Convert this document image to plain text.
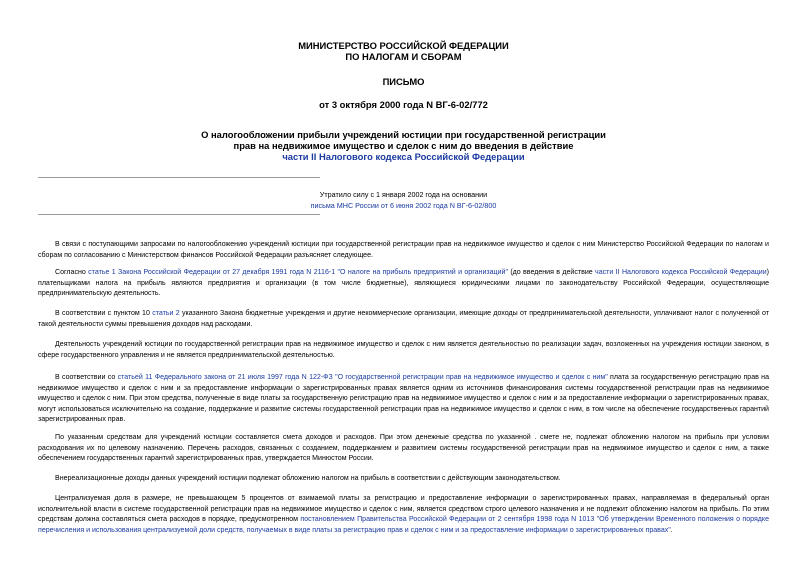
МИНИСТЕРСТВО РОССИЙСКОЙ ФЕДЕРАЦИИ
ПО НАЛОГАМ И СБОРАМ
ПИСЬМО
от 3 октября 2000 года N ВГ-6-02/772
О налогообложении прибыли учреждений юстиции при государственной регистрации
прав на недвижимое имущество и сделок с ним до введения в действие
части II Налогового кодекса Российской Федерации
Утратило силу с 1 января 2002 года на основании
письма МНС России от 6 июня 2002 года N ВГ-6-02/800

В связи с поступающими запросами по налогообложению учреждений юстиции при государственной регистрации прав на недвижимое имущество и сделок с ним Министерство Российской Федерации по налогам и сборам по согласованию с Министерством финансов Российской Федерации разъясняет следующее.

Согласно статье 1 Закона Российской Федерации от 27 декабря 1991 года N 2116-1 "О налоге на прибыль предприятий и организаций" (до введения в действие части II Налогового кодекса Российской Федерации) плательщиками налога на прибыль являются предприятия и организации (в том числе бюджетные), являющиеся юридическими лицами по законодательству Российской Федерации, осуществляющие предпринимательскую деятельность.

В соответствии с пунктом 10 статьи 2 указанного Закона бюджетные учреждения и другие некоммерческие организации, имеющие доходы от предпринимательской деятельности, уплачивают налог с полученной от такой деятельности суммы превышения доходов над расходами.

Деятельность учреждений юстиции по государственной регистрации прав на недвижимое имущество и сделок с ним является деятельностью по реализации задач, возложенных на учреждения юстиции законом, в сфере государственного управления и не является предпринимательской деятельностью.

В соответствии со статьей 11 Федерального закона от 21 июля 1997 года N 122-ФЗ "О государственной регистрации прав на недвижимое имущество и сделок с ним" плата за государственную регистрацию прав на недвижимое имущество и сделок с ним и за предоставление информации о зарегистрированных правах является одним из источников финансирования системы государственной регистрации прав на недвижимое имущество и сделок с ним. При этом средства, полученные в виде платы за государственную регистрацию прав на недвижимое имущество и сделок с ним и за предоставление информации о зарегистрированных правах, могут использоваться исключительно на создание, поддержание и развитие системы государственной регистрации прав на недвижимое имущество и сделок с ним, в том числе на обеспечение государственных гарантий зарегистрированных прав.

По указанным средствам для учреждений юстиции составляется смета доходов и расходов. При этом денежные средства по указанной . смете не, подлежат обложению налогом на прибыль при условии расходования их по целевому назначению. Перечень расходов, связанных с созданием, поддержанием и развитием системы государственной регистрации прав на недвижимое имущество и сделок с ним, а также обеспечением государственных гарантий зарегистрированных прав, утверждается Минюстом России.

Внереализационные доходы данных учреждений юстиции подлежат обложению налогом на прибыль в соответствии с действующим законодательством.

Централизуемая доля в размере, не превышающем 5 процентов от взимаемой платы за регистрацию и предоставление информации о зарегистрированных правах, направляемая в федеральный орган исполнительной власти в системе государственной регистрации прав на недвижимое имущество и сделок с ним, является средством строго целевого назначения и не подлежит обложению налогом на прибыль. По этим средствам должна составляться смета расходов в порядке, предусмотренном постановлением Правительства Российской Федерации от 2 сентября 1998 года N 1013 "Об утверждении Временного положения о порядке перечисления и использования централизуемой доли средств, получаемых в виде платы за регистрацию прав и сделок с ним и за предоставление информации о зарегистрированных правах".
